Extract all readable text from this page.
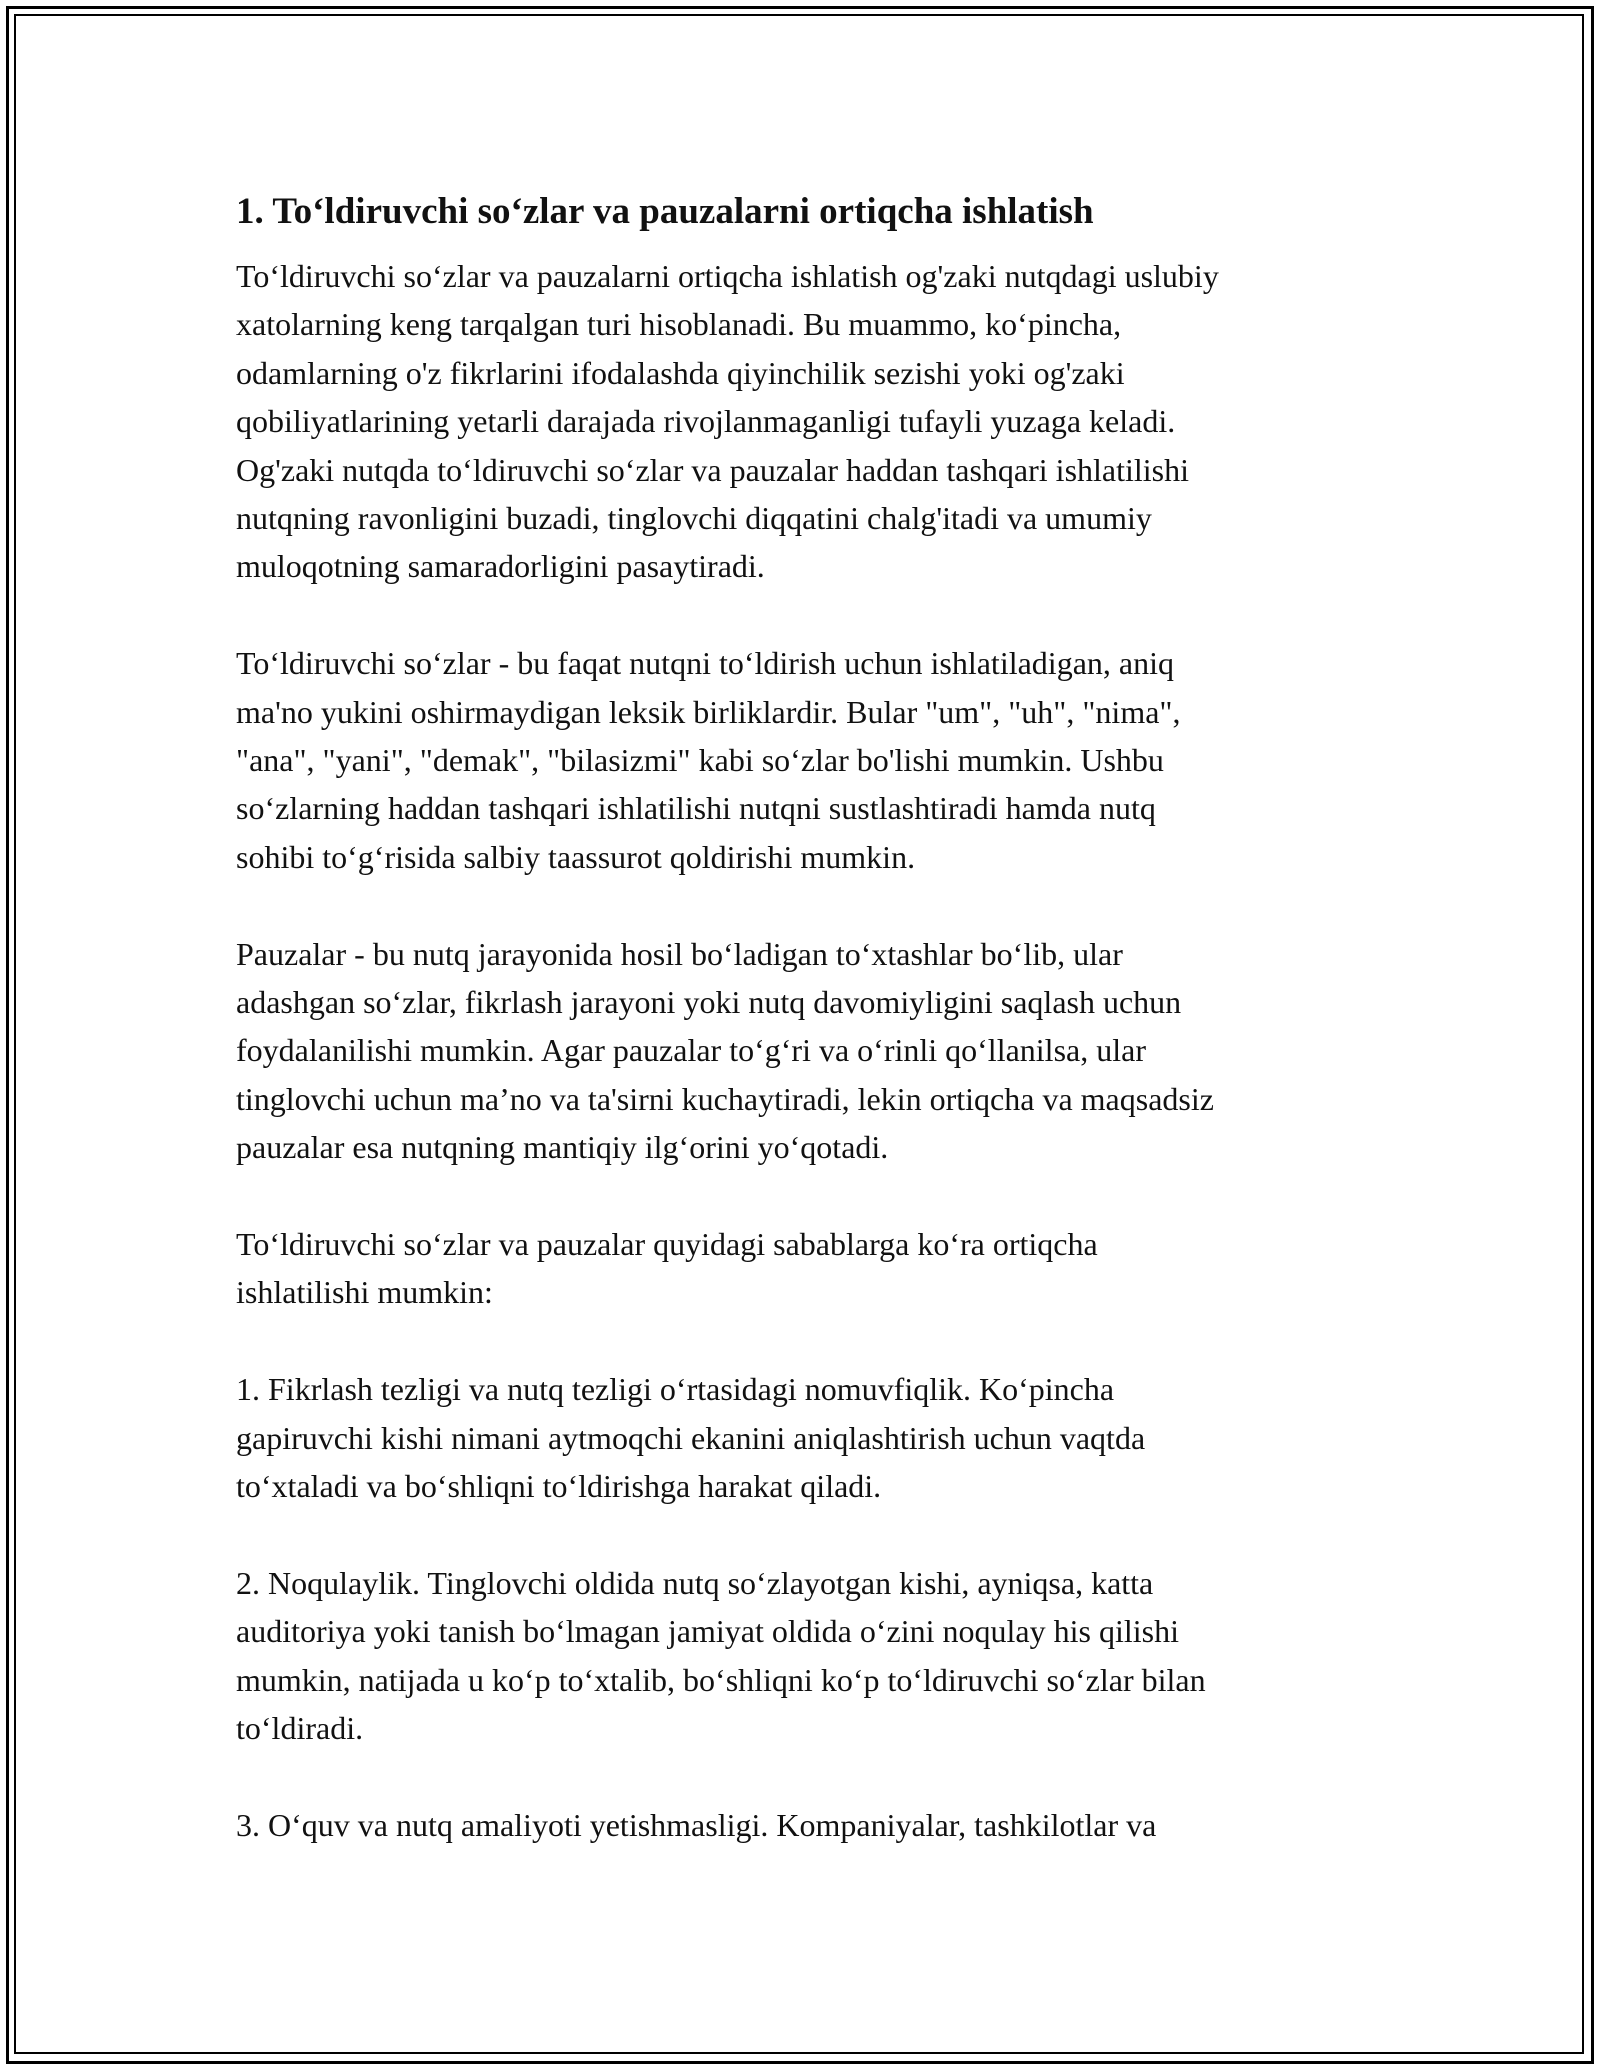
1. To‘ldiruvchi so‘zlar va pauzalarni ortiqcha ishlatish
To‘ldiruvchi so‘zlar va pauzalarni ortiqcha ishlatish og'zaki nutqdagi uslubiy
xatolarning keng tarqalgan turi hisoblanadi. Bu muammo, ko‘pincha,
odamlarning o'z fikrlarini ifodalashda qiyinchilik sezishi yoki og'zaki
qobiliyatlarining yetarli darajada rivojlanmaganligi tufayli yuzaga keladi.
Og'zaki nutqda to‘ldiruvchi so‘zlar va pauzalar haddan tashqari ishlatilishi
nutqning ravonligini buzadi, tinglovchi diqqatini chalg'itadi va umumiy
muloqotning samaradorligini pasaytiradi.
To‘ldiruvchi so‘zlar - bu faqat nutqni to‘ldirish uchun ishlatiladigan, aniq
ma'no yukini oshirmaydigan leksik birliklardir. Bular "um", "uh", "nima",
"ana", "yani", "demak", "bilasizmi" kabi so‘zlar bo'lishi mumkin. Ushbu
so‘zlarning haddan tashqari ishlatilishi nutqni sustlashtiradi hamda nutq
sohibi to‘g‘risida salbiy taassurot qoldirishi mumkin.
Pauzalar - bu nutq jarayonida hosil bo‘ladigan to‘xtashlar bo‘lib, ular
adashgan so‘zlar, fikrlash jarayoni yoki nutq davomiyligini saqlash uchun
foydalanilishi mumkin. Agar pauzalar to‘g‘ri va o‘rinli qo‘llanilsa, ular
tinglovchi uchun ma’no va ta'sirni kuchaytiradi, lekin ortiqcha va maqsadsiz
pauzalar esa nutqning mantiqiy ilg‘orini yo‘qotadi.
To‘ldiruvchi so‘zlar va pauzalar quyidagi sabablarga ko‘ra ortiqcha
ishlatilishi mumkin:
1. Fikrlash tezligi va nutq tezligi o‘rtasidagi nomuvfiqlik. Ko‘pincha
gapiruvchi kishi nimani aytmoqchi ekanini aniqlashtirish uchun vaqtda
to‘xtaladi va bo‘shliqni to‘ldirishga harakat qiladi.
2. Noqulaylik. Tinglovchi oldida nutq so‘zlayotgan kishi, ayniqsa, katta
auditoriya yoki tanish bo‘lmagan jamiyat oldida o‘zini noqulay his qilishi
mumkin, natijada u ko‘p to‘xtalib, bo‘shliqni ko‘p to‘ldiruvchi so‘zlar bilan
to‘ldiradi.
3. O‘quv va nutq amaliyoti yetishmasligi. Kompaniyalar, tashkilotlar va
